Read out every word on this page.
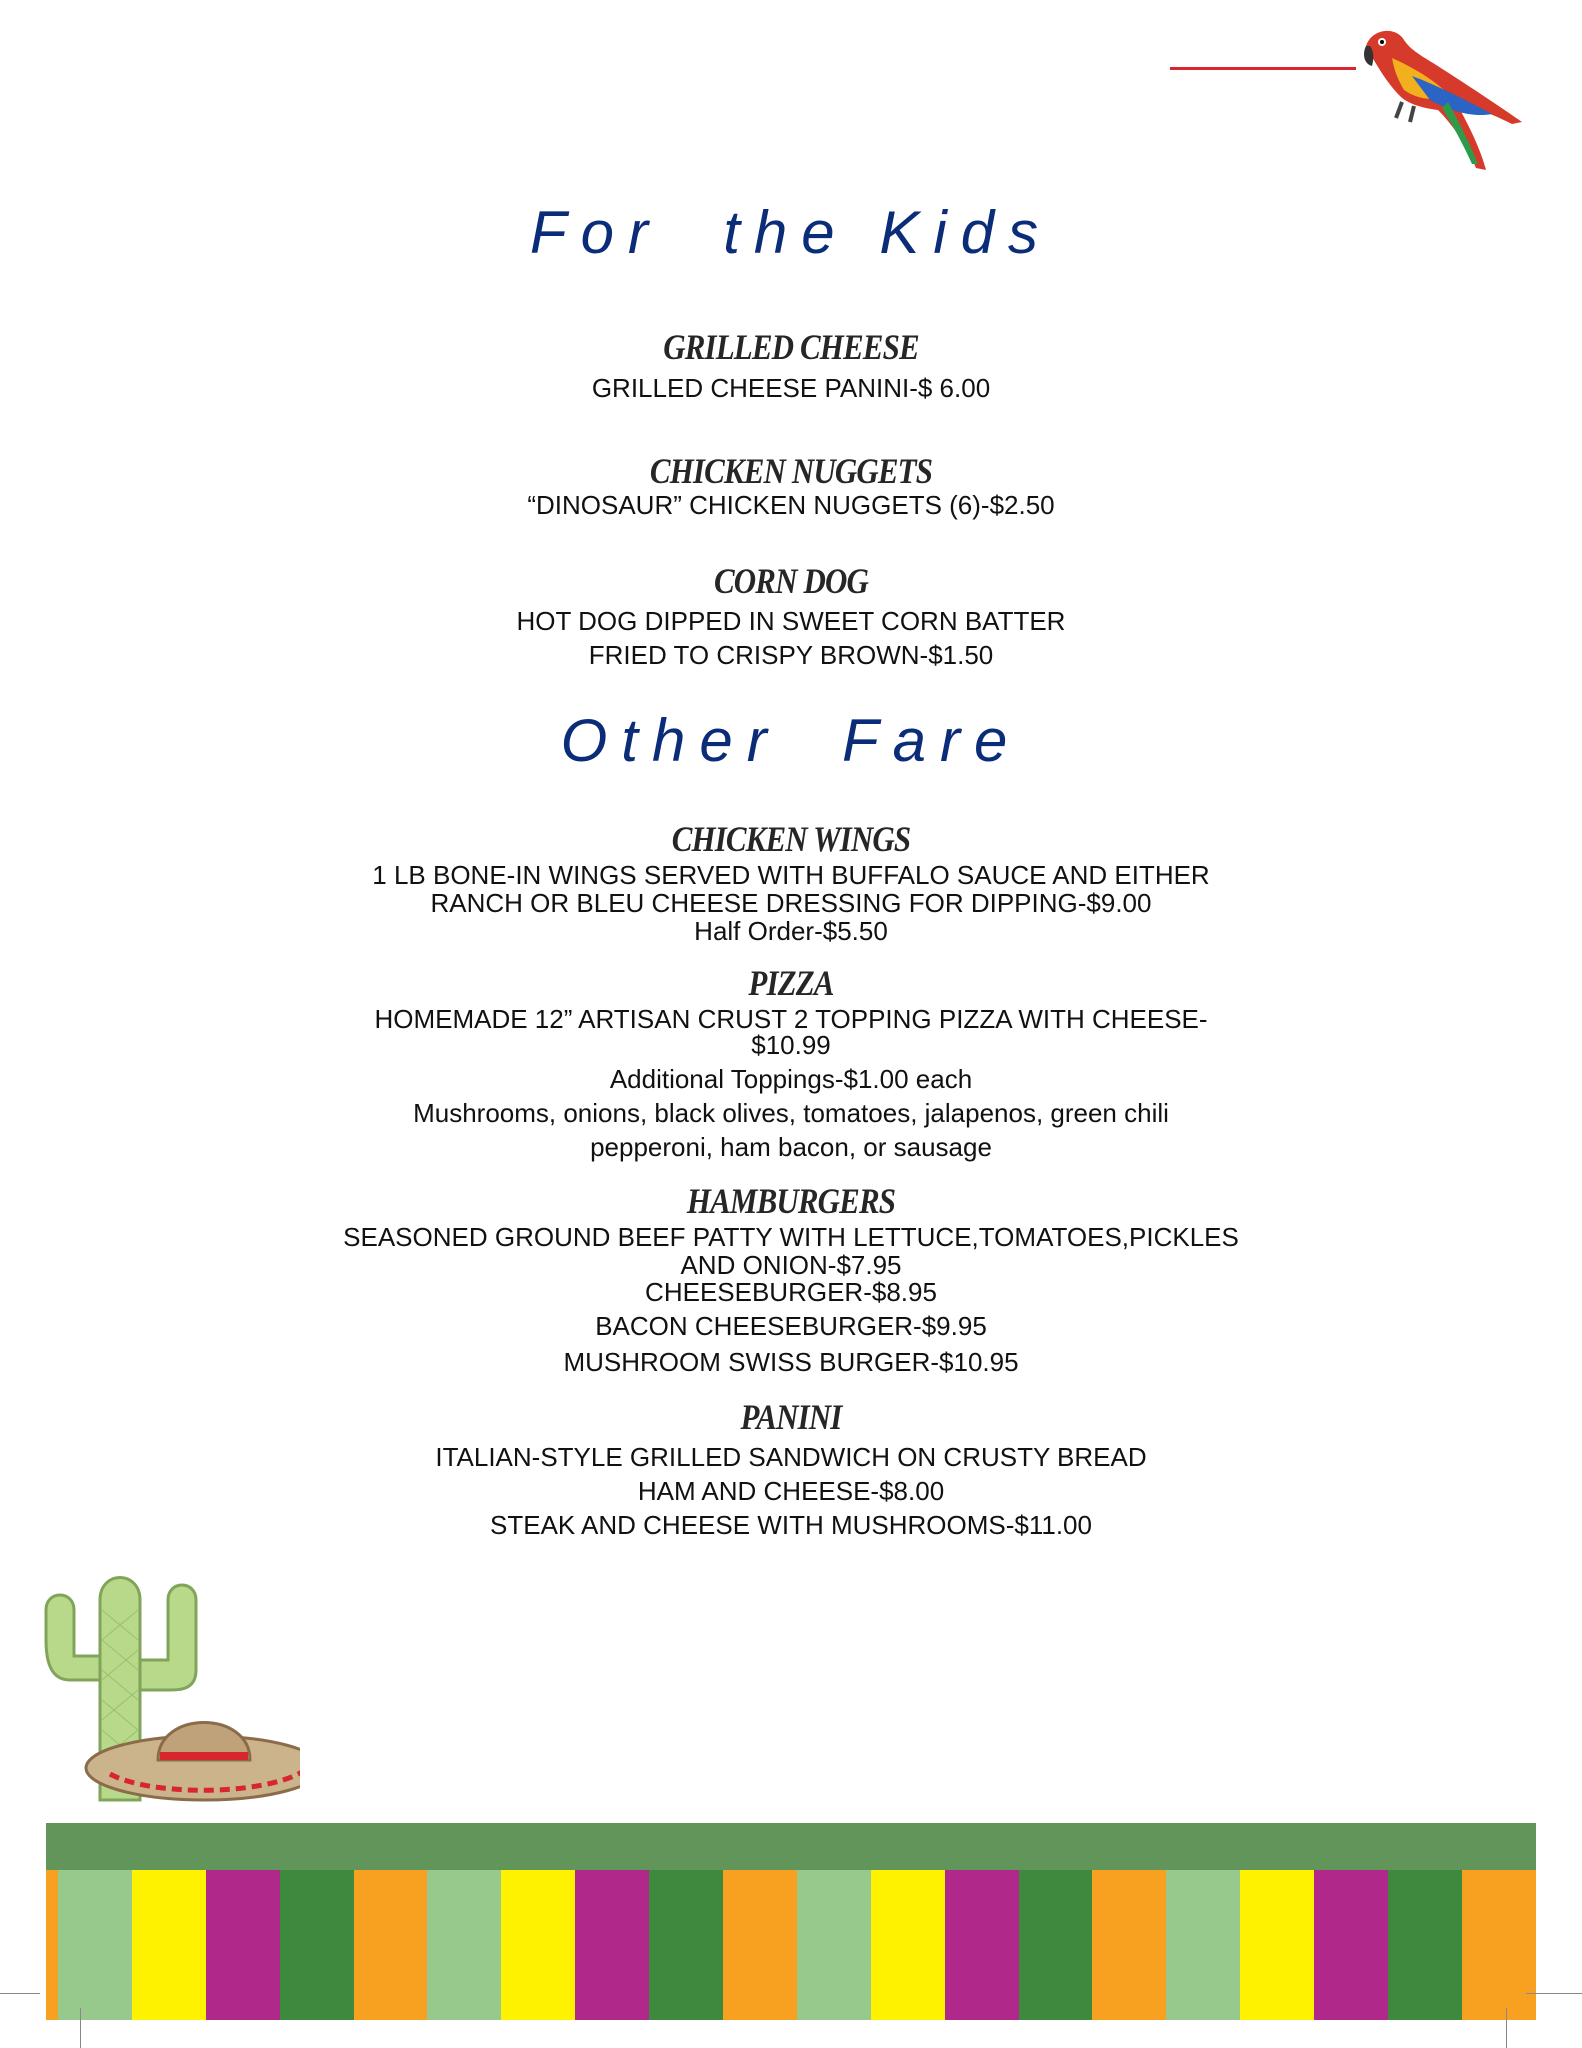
For  the Kids
GRILLED CHEESE
GRILLED CHEESE PANINI-$ 6.00
CHICKEN NUGGETS
“DINOSAUR” CHICKEN NUGGETS (6)-$2.50
CORN DOG
HOT DOG DIPPED IN SWEET CORN BATTER
FRIED TO CRISPY BROWN-$1.50
Other  Fare
CHICKEN WINGS
1 LB BONE-IN WINGS SERVED WITH BUFFALO SAUCE AND EITHER
RANCH OR BLEU CHEESE DRESSING FOR DIPPING-$9.00
Half Order-$5.50
PIZZA
HOMEMADE 12” ARTISAN CRUST 2 TOPPING PIZZA WITH CHEESE-
$10.99
Additional Toppings-$1.00 each
Mushrooms, onions, black olives, tomatoes, jalapenos, green chili
pepperoni, ham bacon, or sausage
HAMBURGERS
SEASONED GROUND BEEF PATTY WITH LETTUCE,TOMATOES,PICKLES
AND ONION-$7.95
CHEESEBURGER-$8.95
BACON CHEESEBURGER-$9.95
MUSHROOM SWISS BURGER-$10.95
PANINI
ITALIAN-STYLE GRILLED SANDWICH ON CRUSTY BREAD
HAM AND CHEESE-$8.00
STEAK AND CHEESE WITH MUSHROOMS-$11.00
